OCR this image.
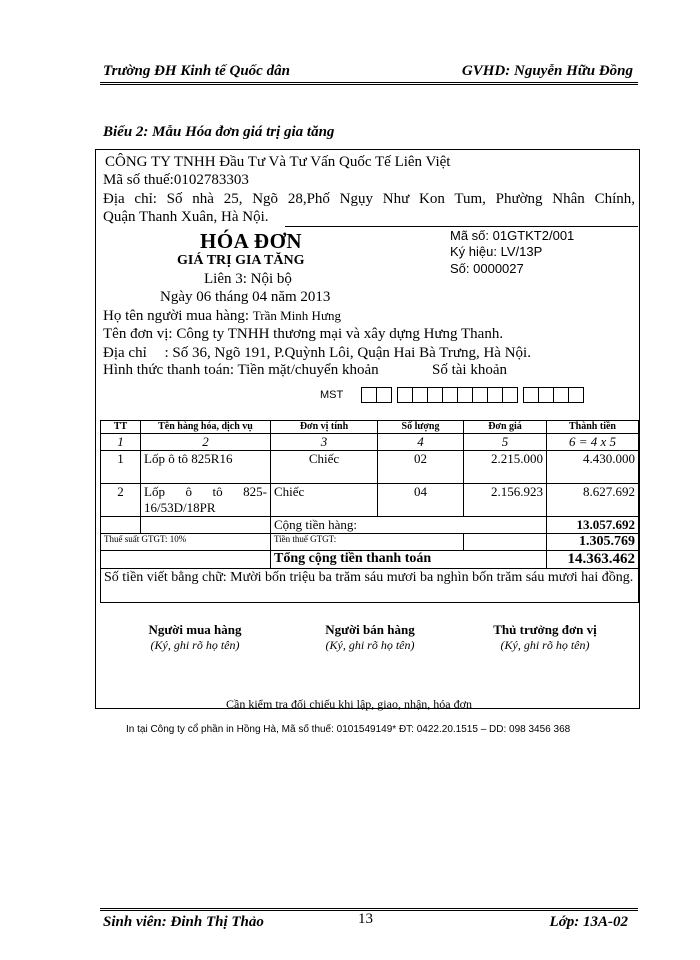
Trường ĐH Kinh tế Quốc dân	GVHD: Nguyễn Hữu Đồng
Biểu 2: Mẫu Hóa đơn giá trị gia tăng
CÔNG TY TNHH Đầu Tư Và Tư Vấn Quốc Tế Liên Việt
Mã số thuế:0102783303
Địa chỉ: Số nhà 25, Ngõ 28,Phố Ngụy Như Kon Tum, Phường Nhân Chính,
Quận Thanh Xuân, Hà Nội.
HÓA ĐƠN
GIÁ TRỊ GIA TĂNG
Liên 3: Nội bộ
Ngày 06 tháng 04 năm 2013
Mã số: 01GTKT2/001
Ký hiệu: LV/13P
Số: 0000027
Họ tên người mua hàng: Trần Minh Hưng
Tên đơn vị: Công ty TNHH thương mại và xây dựng Hưng Thanh.
Địa chỉ : Số 36, Ngõ 191, P.Quỳnh Lôi, Quận Hai Bà Trưng, Hà Nội.
Hình thức thanh toán: Tiền mặt/chuyển khoản	Số tài khoản
MST
TT	Tên hàng hóa, dịch vụ	Đơn vị tính	Số lượng	Đơn giá	Thành tiền
1	2	3	4	5	6 = 4 x 5
1	Lốp ô tô 825R16	Chiếc	02	2.215.000	4.430.000
2	Lốp ô tô 825-16/53D/18PR	Chiếc	04	2.156.923	8.627.692
		Cộng tiền hàng:			13.057.692
Thuế suất GTGT: 10%		Tiền thuế GTGT:			1.305.769
		Tổng cộng tiền thanh toán			14.363.462
Số tiền viết bằng chữ: Mười bốn triệu ba trăm sáu mươi ba nghìn bốn trăm sáu mươi hai đồng.					
Người mua hàng
(Ký, ghi rõ họ tên)
Người bán hàng
(Ký, ghi rõ họ tên)
Thủ trưởng đơn vị
(Ký, ghi rõ họ tên)
Cần kiểm tra đối chiếu khi lập, giao, nhận, hóa đơn
In tại Công ty cổ phần in Hồng Hà, Mã số thuế: 0101549149* ĐT: 0422.20.1515 – DD: 098 3456 368
Sinh viên: Đinh Thị Thảo	13	Lớp: 13A-02
